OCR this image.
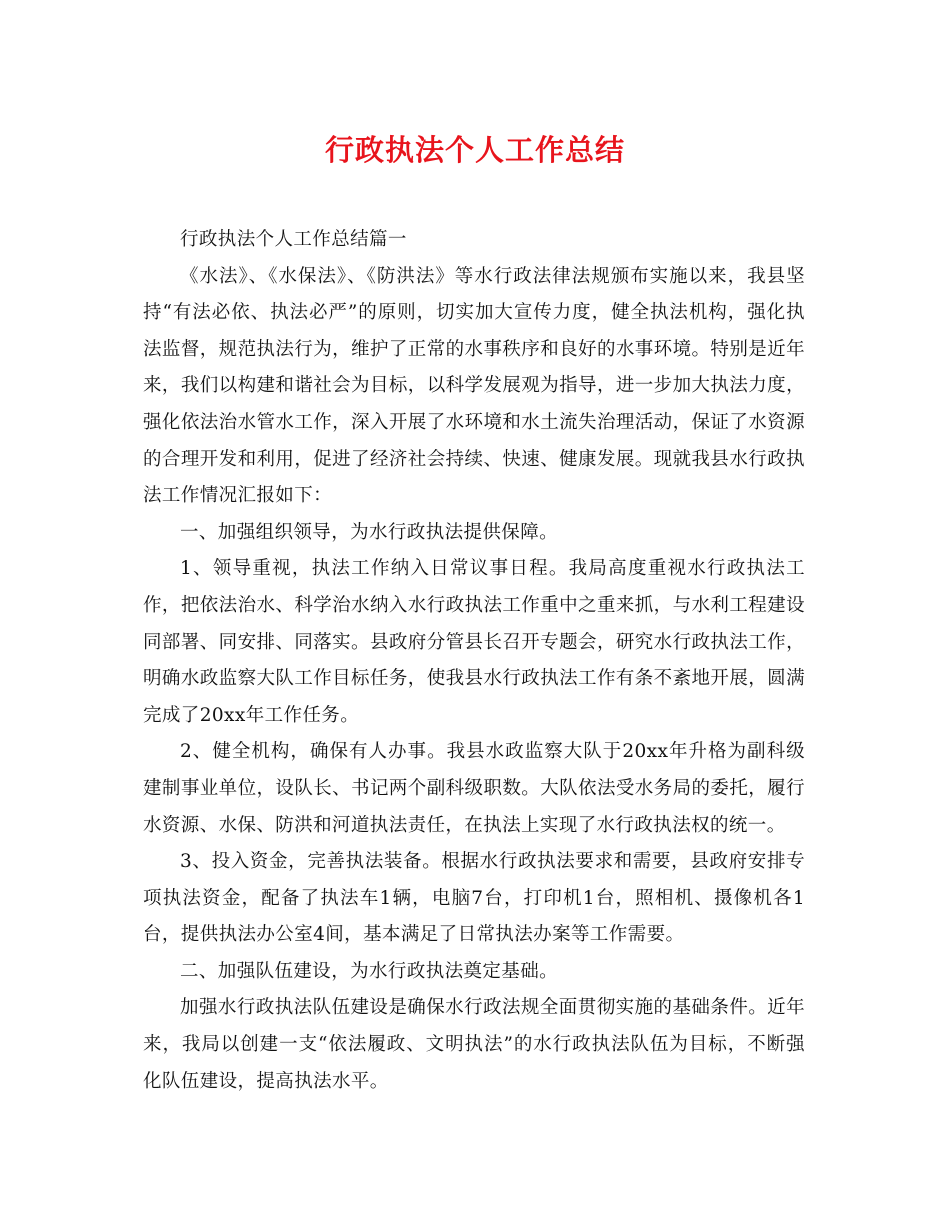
行政执法个人工作总结

行政执法个人工作总结篇一

《水法》、《水保法》、《防洪法》等水行政法律法规颁布实施以来，我县坚持“有法必依、执法必严”的原则，切实加大宣传力度，健全执法机构，强化执法监督，规范执法行为，维护了正常的水事秩序和良好的水事环境。特别是近年来，我们以构建和谐社会为目标，以科学发展观为指导，进一步加大执法力度，强化依法治水管水工作，深入开展了水环境和水土流失治理活动，保证了水资源的合理开发和利用，促进了经济社会持续、快速、健康发展。现就我县水行政执法工作情况汇报如下：

一、加强组织领导，为水行政执法提供保障。

1、领导重视，执法工作纳入日常议事日程。我局高度重视水行政执法工作，把依法治水、科学治水纳入水行政执法工作重中之重来抓，与水利工程建设同部署、同安排、同落实。县政府分管县长召开专题会，研究水行政执法工作，明确水政监察大队工作目标任务，使我县水行政执法工作有条不紊地开展，圆满完成了20xx年工作任务。

2、健全机构，确保有人办事。我县水政监察大队于20xx年升格为副科级建制事业单位，设队长、书记两个副科级职数。大队依法受水务局的委托，履行水资源、水保、防洪和河道执法责任，在执法上实现了水行政执法权的统一。

3、投入资金，完善执法装备。根据水行政执法要求和需要，县政府安排专项执法资金，配备了执法车1辆，电脑7台，打印机1台，照相机、摄像机各1台，提供执法办公室4间，基本满足了日常执法办案等工作需要。

二、加强队伍建设，为水行政执法奠定基础。

加强水行政执法队伍建设是确保水行政法规全面贯彻实施的基础条件。近年来，我局以创建一支“依法履政、文明执法”的水行政执法队伍为目标，不断强化队伍建设，提高执法水平。
